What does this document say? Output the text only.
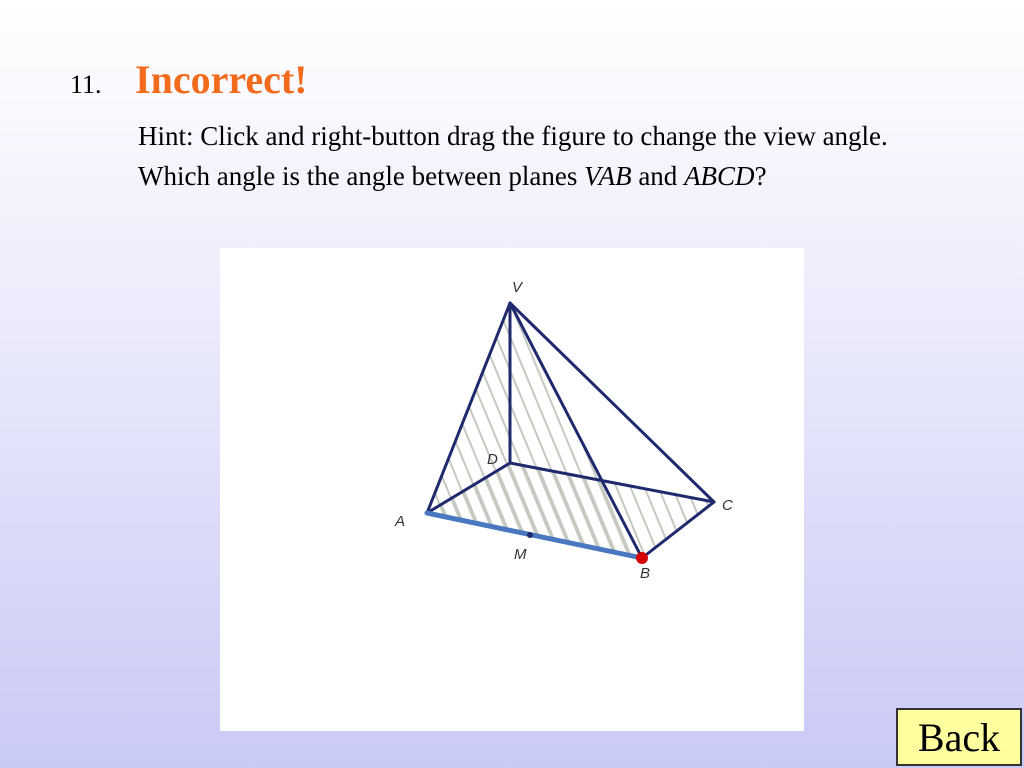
11. Incorrect!
Hint: Click and right-button drag the figure to change the view angle. Which angle is the angle between planes VAB and ABCD?
V
D
C
A
M
B
Back
